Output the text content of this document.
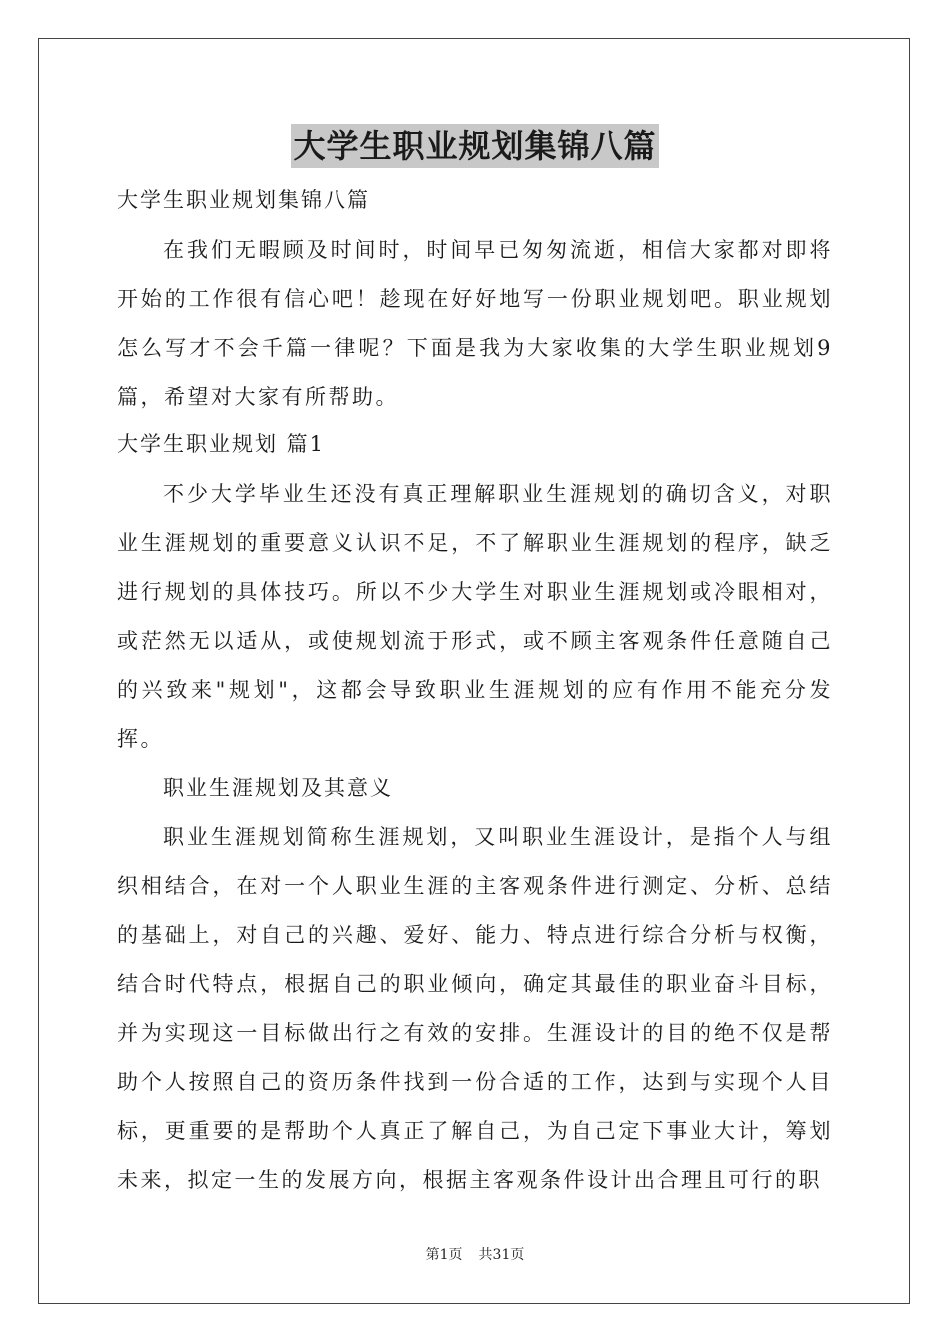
大学生职业规划集锦八篇

大学生职业规划集锦八篇

在我们无暇顾及时间时，时间早已匆匆流逝，相信大家都对即将开始的工作很有信心吧！趁现在好好地写一份职业规划吧。职业规划怎么写才不会千篇一律呢？下面是我为大家收集的大学生职业规划9篇，希望对大家有所帮助。

大学生职业规划 篇1

不少大学毕业生还没有真正理解职业生涯规划的确切含义，对职业生涯规划的重要意义认识不足，不了解职业生涯规划的程序，缺乏进行规划的具体技巧。所以不少大学生对职业生涯规划或冷眼相对，或茫然无以适从，或使规划流于形式，或不顾主客观条件任意随自己的兴致来"规划"，这都会导致职业生涯规划的应有作用不能充分发挥。

职业生涯规划及其意义

职业生涯规划简称生涯规划，又叫职业生涯设计，是指个人与组织相结合，在对一个人职业生涯的主客观条件进行测定、分析、总结的基础上，对自己的兴趣、爱好、能力、特点进行综合分析与权衡，结合时代特点，根据自己的职业倾向，确定其最佳的职业奋斗目标，并为实现这一目标做出行之有效的安排。生涯设计的目的绝不仅是帮助个人按照自己的资历条件找到一份合适的工作，达到与实现个人目标，更重要的是帮助个人真正了解自己，为自己定下事业大计，筹划未来，拟定一生的发展方向，根据主客观条件设计出合理且可行的职

第1页 共31页
